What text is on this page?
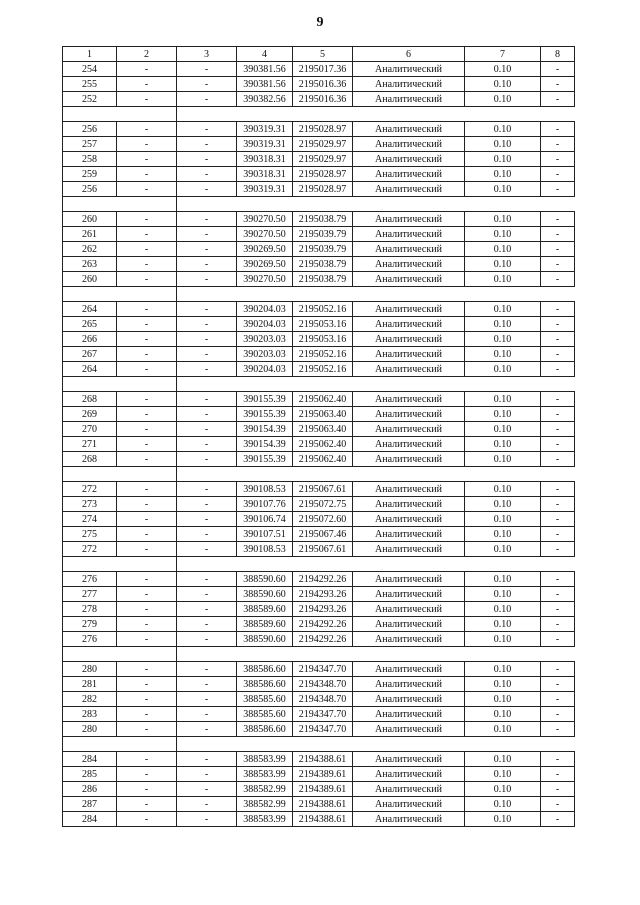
9
1	2	3	4	5	6	7	8
254	-	-	390381.56	2195017.36	Аналитический	0.10	-
255	-	-	390381.56	2195016.36	Аналитический	0.10	-
252	-	-	390382.56	2195016.36	Аналитический	0.10	-

256	-	-	390319.31	2195028.97	Аналитический	0.10	-
257	-	-	390319.31	2195029.97	Аналитический	0.10	-
258	-	-	390318.31	2195029.97	Аналитический	0.10	-
259	-	-	390318.31	2195028.97	Аналитический	0.10	-
256	-	-	390319.31	2195028.97	Аналитический	0.10	-

260	-	-	390270.50	2195038.79	Аналитический	0.10	-
261	-	-	390270.50	2195039.79	Аналитический	0.10	-
262	-	-	390269.50	2195039.79	Аналитический	0.10	-
263	-	-	390269.50	2195038.79	Аналитический	0.10	-
260	-	-	390270.50	2195038.79	Аналитический	0.10	-

264	-	-	390204.03	2195052.16	Аналитический	0.10	-
265	-	-	390204.03	2195053.16	Аналитический	0.10	-
266	-	-	390203.03	2195053.16	Аналитический	0.10	-
267	-	-	390203.03	2195052.16	Аналитический	0.10	-
264	-	-	390204.03	2195052.16	Аналитический	0.10	-

268	-	-	390155.39	2195062.40	Аналитический	0.10	-
269	-	-	390155.39	2195063.40	Аналитический	0.10	-
270	-	-	390154.39	2195063.40	Аналитический	0.10	-
271	-	-	390154.39	2195062.40	Аналитический	0.10	-
268	-	-	390155.39	2195062.40	Аналитический	0.10	-

272	-	-	390108.53	2195067.61	Аналитический	0.10	-
273	-	-	390107.76	2195072.75	Аналитический	0.10	-
274	-	-	390106.74	2195072.60	Аналитический	0.10	-
275	-	-	390107.51	2195067.46	Аналитический	0.10	-
272	-	-	390108.53	2195067.61	Аналитический	0.10	-

276	-	-	388590.60	2194292.26	Аналитический	0.10	-
277	-	-	388590.60	2194293.26	Аналитический	0.10	-
278	-	-	388589.60	2194293.26	Аналитический	0.10	-
279	-	-	388589.60	2194292.26	Аналитический	0.10	-
276	-	-	388590.60	2194292.26	Аналитический	0.10	-

280	-	-	388586.60	2194347.70	Аналитический	0.10	-
281	-	-	388586.60	2194348.70	Аналитический	0.10	-
282	-	-	388585.60	2194348.70	Аналитический	0.10	-
283	-	-	388585.60	2194347.70	Аналитический	0.10	-
280	-	-	388586.60	2194347.70	Аналитический	0.10	-

284	-	-	388583.99	2194388.61	Аналитический	0.10	-
285	-	-	388583.99	2194389.61	Аналитический	0.10	-
286	-	-	388582.99	2194389.61	Аналитический	0.10	-
287	-	-	388582.99	2194388.61	Аналитический	0.10	-
284	-	-	388583.99	2194388.61	Аналитический	0.10	-
